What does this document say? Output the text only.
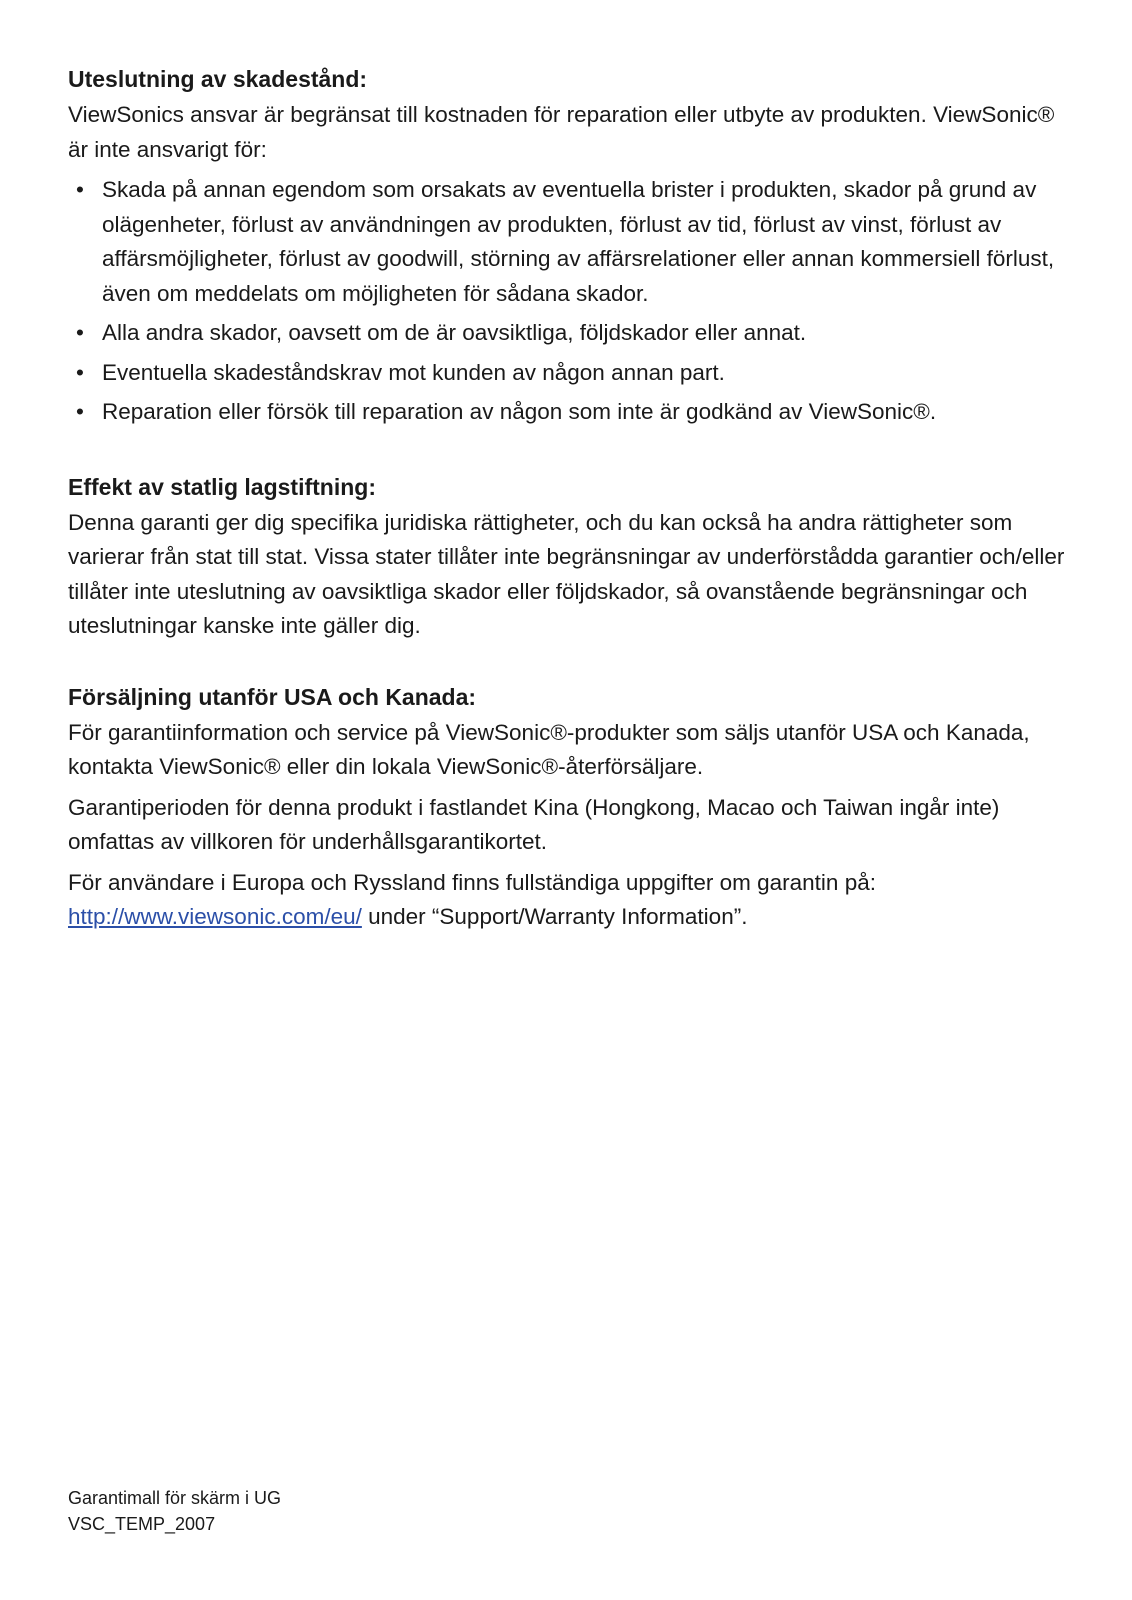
Uteslutning av skadestånd:
ViewSonics ansvar är begränsat till kostnaden för reparation eller utbyte av produkten. ViewSonic® är inte ansvarigt för:
• Skada på annan egendom som orsakats av eventuella brister i produkten, skador på grund av olägenheter, förlust av användningen av produkten, förlust av tid, förlust av vinst, förlust av affärsmöjligheter, förlust av goodwill, störning av affärsrelationer eller annan kommersiell förlust, även om meddelats om möjligheten för sådana skador.
• Alla andra skador, oavsett om de är oavsiktliga, följdskador eller annat.
• Eventuella skadeståndskrav mot kunden av någon annan part.
• Reparation eller försök till reparation av någon som inte är godkänd av ViewSonic®.
Effekt av statlig lagstiftning:
Denna garanti ger dig specifika juridiska rättigheter, och du kan också ha andra rättigheter som varierar från stat till stat. Vissa stater tillåter inte begränsningar av underförstådda garantier och/eller tillåter inte uteslutning av oavsiktliga skador eller följdskador, så ovanstående begränsningar och uteslutningar kanske inte gäller dig.
Försäljning utanför USA och Kanada:
För garantiinformation och service på ViewSonic®-produkter som säljs utanför USA och Kanada, kontakta ViewSonic® eller din lokala ViewSonic®-återförsäljare.
Garantiperioden för denna produkt i fastlandet Kina (Hongkong, Macao och Taiwan ingår inte) omfattas av villkoren för underhållsgarantikortet.
För användare i Europa och Ryssland finns fullständiga uppgifter om garantin på:
http://www.viewsonic.com/eu/ under “Support/Warranty Information”.
Garantimall för skärm i UG
VSC_TEMP_2007
